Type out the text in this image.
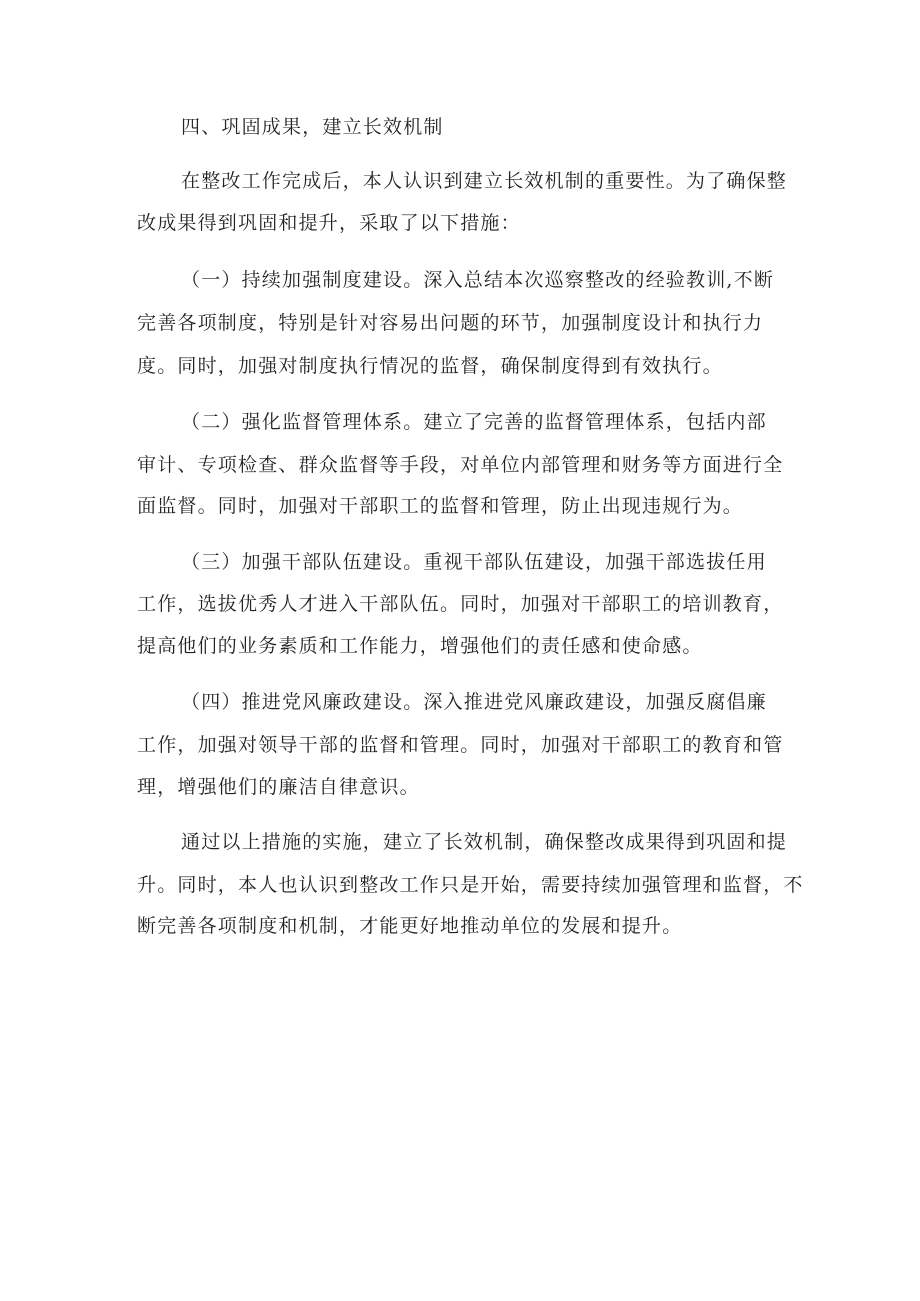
四、巩固成果，建立长效机制
在整改工作完成后，本人认识到建立长效机制的重要性。为了确保整
改成果得到巩固和提升，采取了以下措施：
（一）持续加强制度建设。深入总结本次巡察整改的经验教训,不断
完善各项制度，特别是针对容易出问题的环节，加强制度设计和执行力
度。同时，加强对制度执行情况的监督，确保制度得到有效执行。
（二）强化监督管理体系。建立了完善的监督管理体系，包括内部
审计、专项检查、群众监督等手段，对单位内部管理和财务等方面进行全
面监督。同时，加强对干部职工的监督和管理，防止出现违规行为。
（三）加强干部队伍建设。重视干部队伍建设，加强干部选拔任用
工作，选拔优秀人才进入干部队伍。同时，加强对干部职工的培训教育，
提高他们的业务素质和工作能力，增强他们的责任感和使命感。
（四）推进党风廉政建设。深入推进党风廉政建设，加强反腐倡廉
工作，加强对领导干部的监督和管理。同时，加强对干部职工的教育和管
理，增强他们的廉洁自律意识。
通过以上措施的实施，建立了长效机制，确保整改成果得到巩固和提
升。同时，本人也认识到整改工作只是开始，需要持续加强管理和监督，不
断完善各项制度和机制，才能更好地推动单位的发展和提升。
